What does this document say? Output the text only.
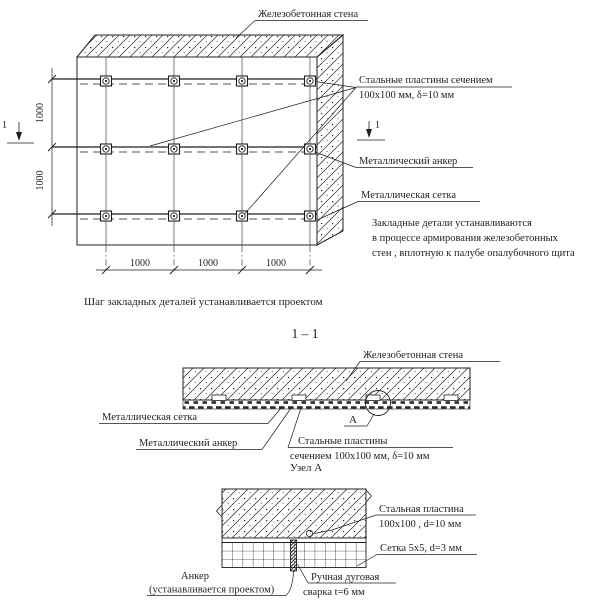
1000
1000
1000	1000	1000
1	1
Железобетонная стена
Стальные пластины сечением
100x100 мм, δ=10 мм
Металлический анкер
Металлическая сетка
Закладные детали устанавливаются
в процессе армирования железобетонных
стен , вплотную к палубе опалубочного щита
Шаг закладных деталей устанавливается проектом
1 – 1
Железобетонная стена
А
Металлическая сетка
Металлический анкер	Стальные пластины
сечением 100x100 мм, δ=10 мм
Узел А
Стальная пластина
100x100 , d=10 мм
Сетка 5x5, d=3 мм
Анкер
(устанавливается проектом)
Ручная дуговая
сварка t=6 мм
